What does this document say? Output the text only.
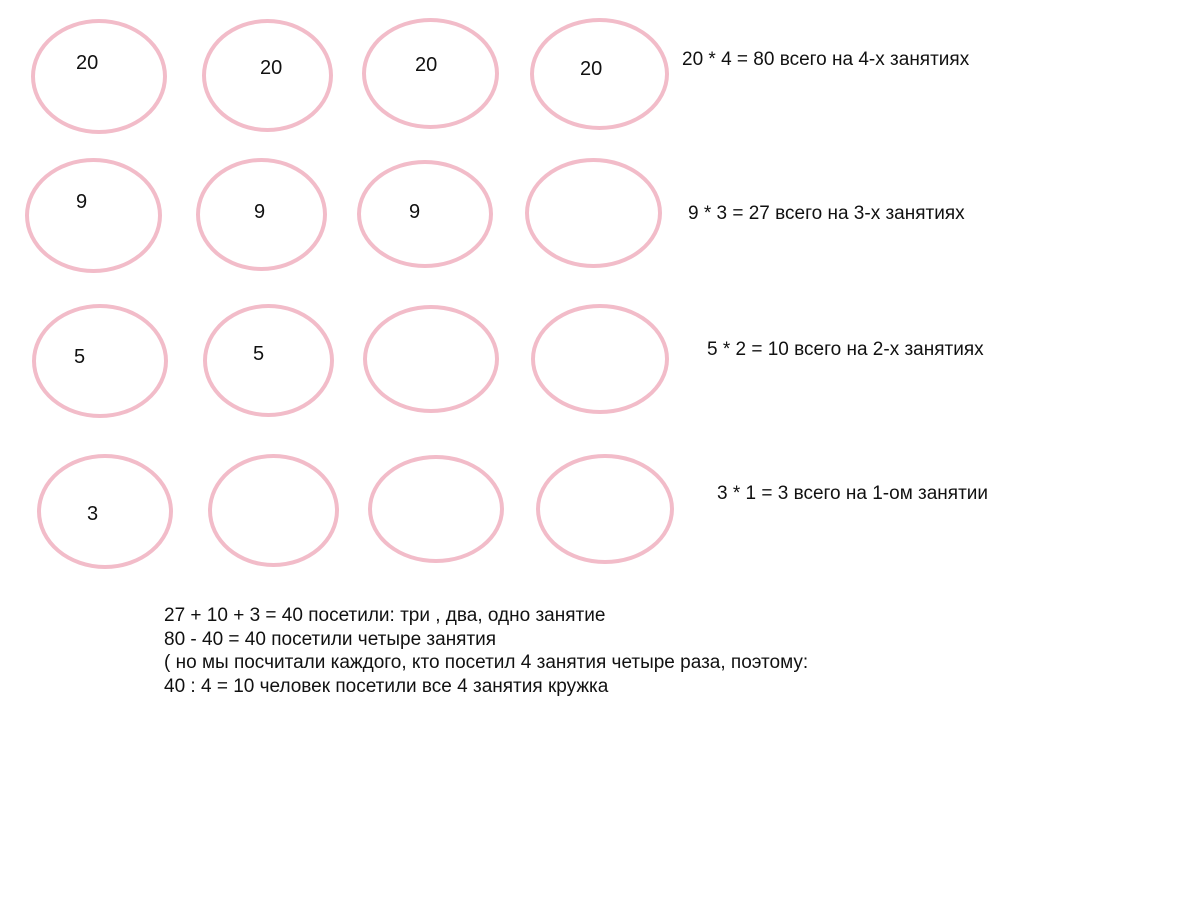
20	20	20	20	20 * 4 = 80 всего на 4-х занятиях
9	9	9	9 * 3 = 27 всего на 3-х занятиях
5	5	5 * 2 = 10 всего на 2-х занятиях
3
3 * 1 = 3 всего на 1-ом занятии
27 + 10 + 3 = 40 посетили: три , два, одно занятие
80 - 40 = 40 посетили четыре занятия
( но мы посчитали каждого, кто посетил 4 занятия четыре раза, поэтому:
40 : 4 = 10 человек посетили все 4 занятия кружка
